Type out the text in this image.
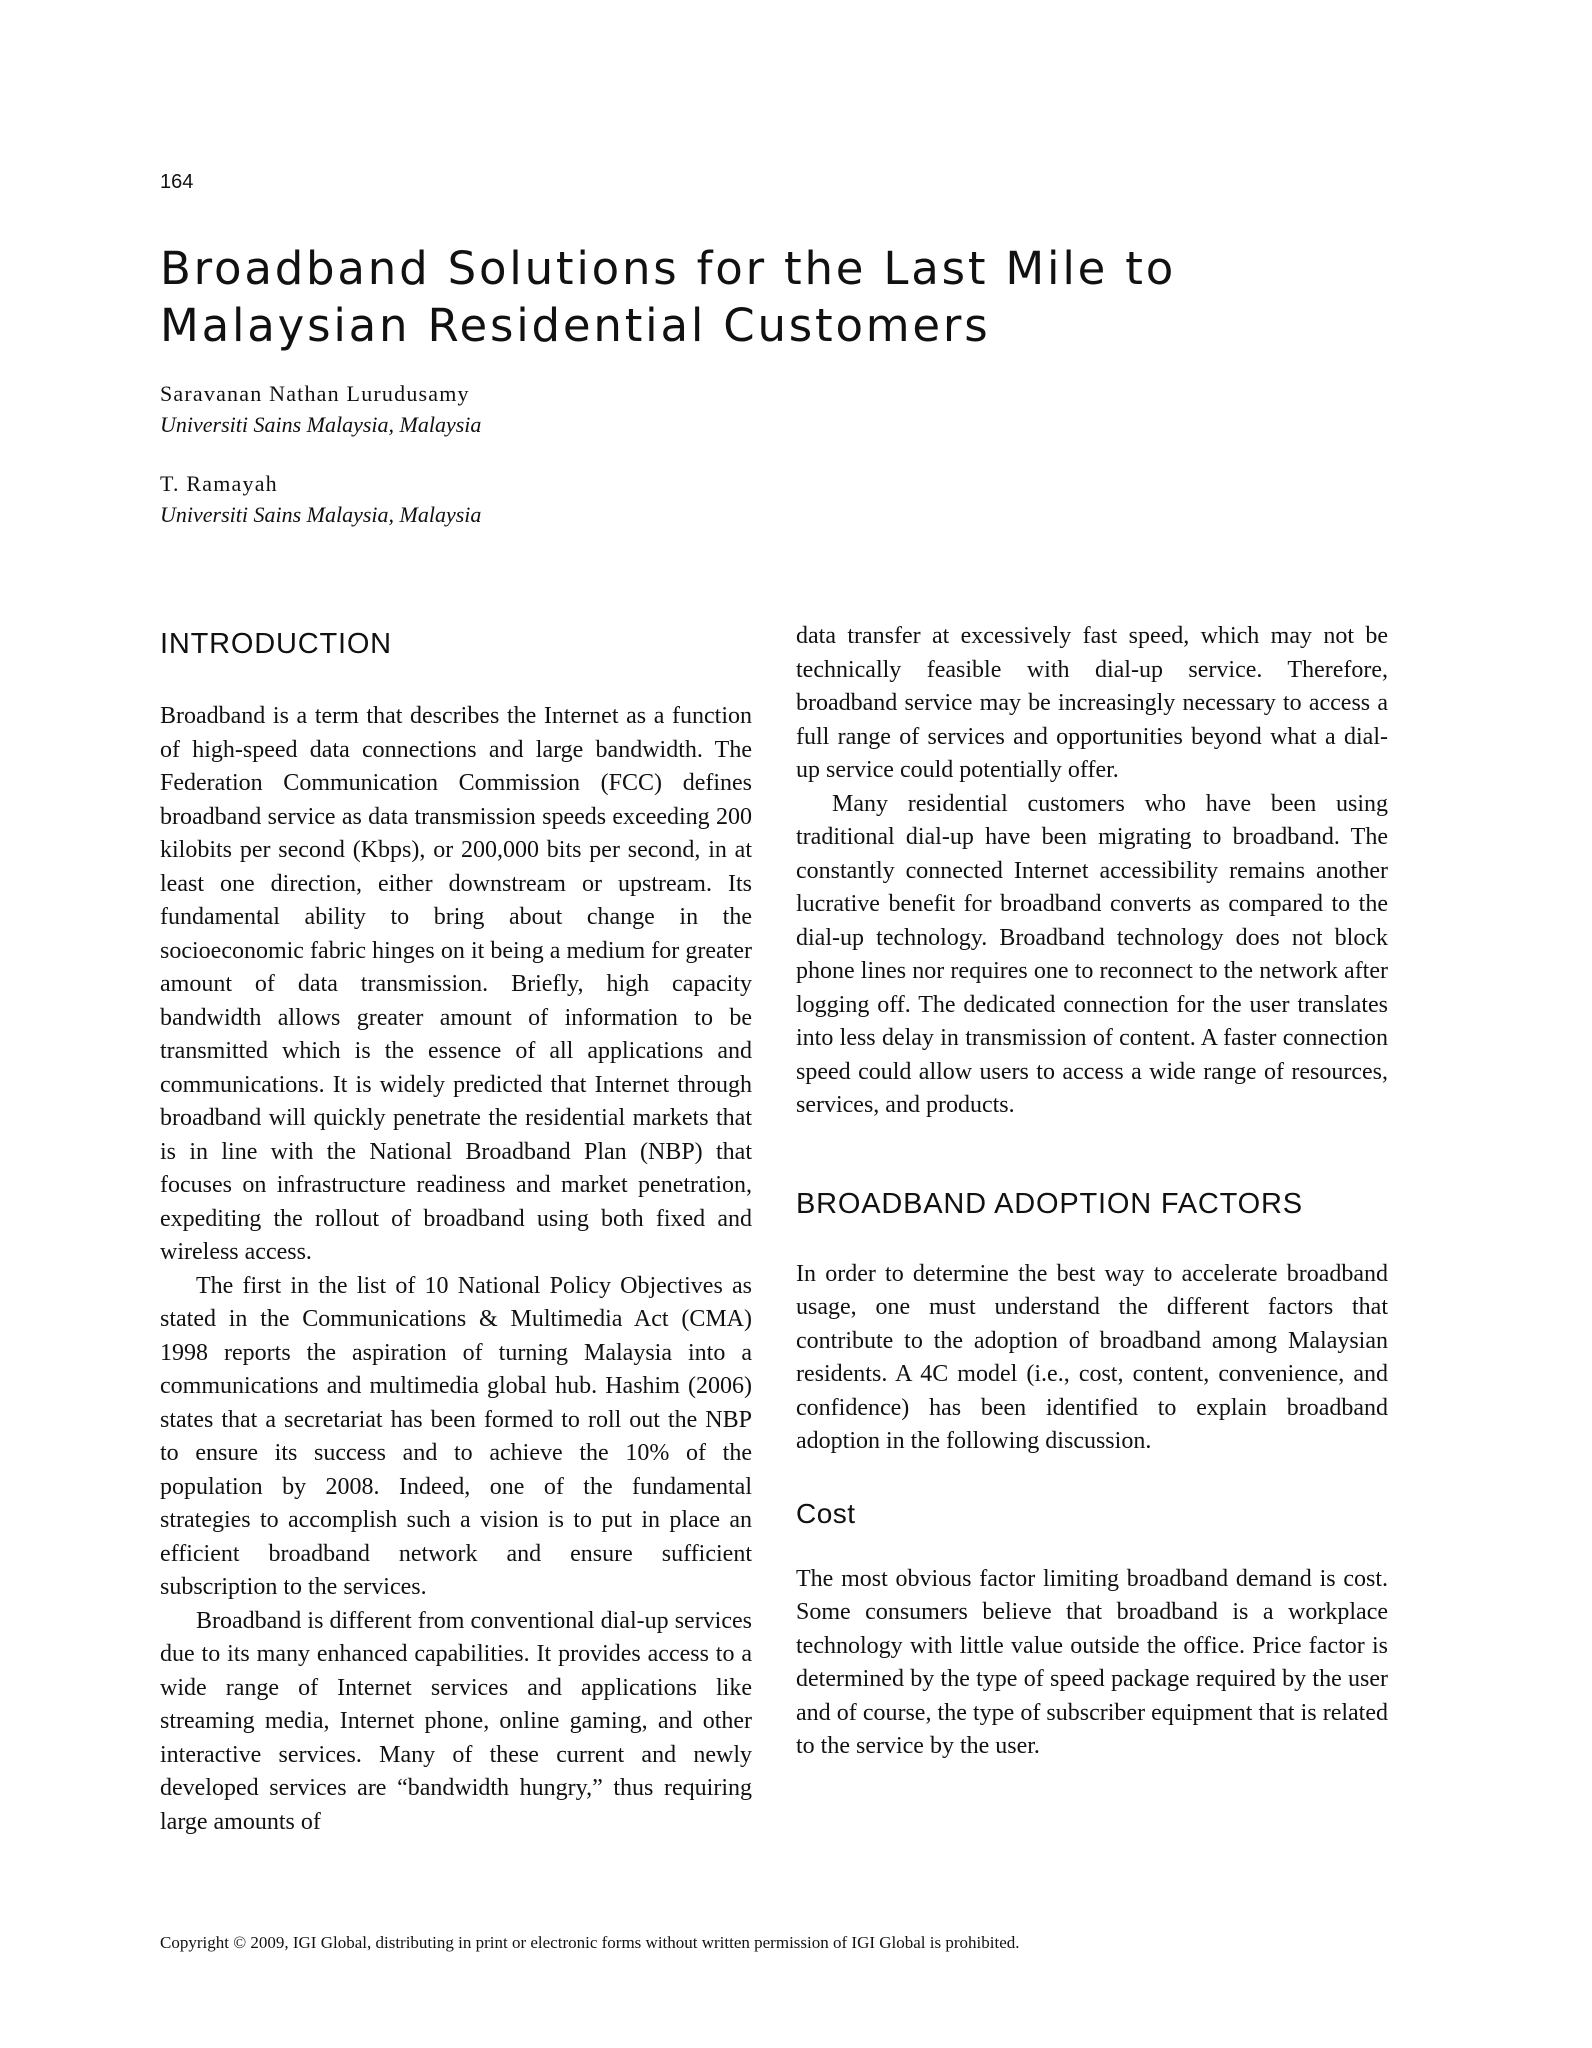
164

Broadband Solutions for the Last Mile to
Malaysian Residential Customers
Saravanan Nathan Lurudusamy
Universiti Sains Malaysia, Malaysia
T. Ramayah
Universiti Sains Malaysia, Malaysia
INTRODUCTION

Broadband is a term that describes the Internet as a function of high-speed data connections and large bandwidth. The Federation Communication Commission (FCC) defines broadband service as data transmission speeds exceeding 200 kilobits per second (Kbps), or 200,000 bits per second, in at least one direction, either downstream or upstream. Its fundamental ability to bring about change in the socioeconomic fabric hinges on it being a medium for greater amount of data transmission. Briefly, high capacity bandwidth allows greater amount of information to be transmitted which is the essence of all applications and communications. It is widely predicted that Internet through broadband will quickly penetrate the residential markets that is in line with the National Broadband Plan (NBP) that focuses on infrastructure readiness and market penetration, expediting the rollout of broadband using both fixed and wireless access.

The first in the list of 10 National Policy Objectives as stated in the Communications & Multimedia Act (CMA) 1998 reports the aspiration of turning Malaysia into a communications and multimedia global hub. Hashim (2006) states that a secretariat has been formed to roll out the NBP to ensure its success and to achieve the 10% of the population by 2008. Indeed, one of the fundamental strategies to accomplish such a vision is to put in place an efficient broadband network and ensure sufficient subscription to the services.

Broadband is different from conventional dial-up services due to its many enhanced capabilities. It provides access to a wide range of Internet services and applications like streaming media, Internet phone, online gaming, and other interactive services. Many of these current and newly developed services are “bandwidth hungry,” thus requiring large amounts of

data transfer at excessively fast speed, which may not be technically feasible with dial-up service. Therefore, broadband service may be increasingly necessary to access a full range of services and opportunities beyond what a dial-up service could potentially offer.

Many residential customers who have been using traditional dial-up have been migrating to broadband. The constantly connected Internet accessibility remains another lucrative benefit for broadband converts as compared to the dial-up technology. Broadband technology does not block phone lines nor requires one to reconnect to the network after logging off. The dedicated connection for the user translates into less delay in transmission of content. A faster connection speed could allow users to access a wide range of resources, services, and products.

BROADBAND ADOPTION FACTORS

In order to determine the best way to accelerate broadband usage, one must understand the different factors that contribute to the adoption of broadband among Malaysian residents. A 4C model (i.e., cost, content, convenience, and confidence) has been identified to explain broadband adoption in the following discussion.

Cost

The most obvious factor limiting broadband demand is cost. Some consumers believe that broadband is a workplace technology with little value outside the office. Price factor is determined by the type of speed package required by the user and of course, the type of subscriber equipment that is related to the service by the user.

Copyright © 2009, IGI Global, distributing in print or electronic forms without written permission of IGI Global is prohibited.
